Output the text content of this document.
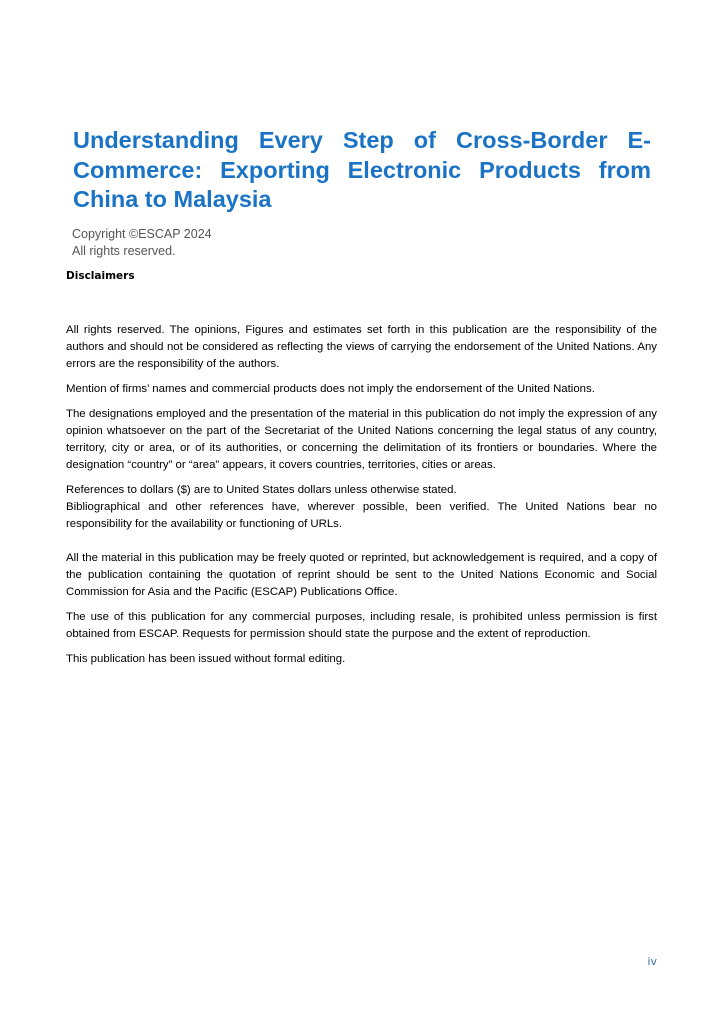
Understanding Every Step of Cross-Border E-Commerce: Exporting Electronic Products from China to Malaysia
Copyright ©ESCAP 2024
All rights reserved.
Disclaimers

All rights reserved. The opinions, Figures and estimates set forth in this publication are the responsibility of the authors and should not be considered as reflecting the views of carrying the endorsement of the United Nations. Any errors are the responsibility of the authors.

Mention of firms’ names and commercial products does not imply the endorsement of the United Nations.

The designations employed and the presentation of the material in this publication do not imply the expression of any opinion whatsoever on the part of the Secretariat of the United Nations concerning the legal status of any country, territory, city or area, or of its authorities, or concerning the delimitation of its frontiers or boundaries. Where the designation “country” or “area” appears, it covers countries, territories, cities or areas.

References to dollars ($) are to United States dollars unless otherwise stated.

Bibliographical and other references have, wherever possible, been verified. The United Nations bear no responsibility for the availability or functioning of URLs.

All the material in this publication may be freely quoted or reprinted, but acknowledgement is required, and a copy of the publication containing the quotation of reprint should be sent to the United Nations Economic and Social Commission for Asia and the Pacific (ESCAP) Publications Office.

The use of this publication for any commercial purposes, including resale, is prohibited unless permission is first obtained from ESCAP. Requests for permission should state the purpose and the extent of reproduction.

This publication has been issued without formal editing.

iv
